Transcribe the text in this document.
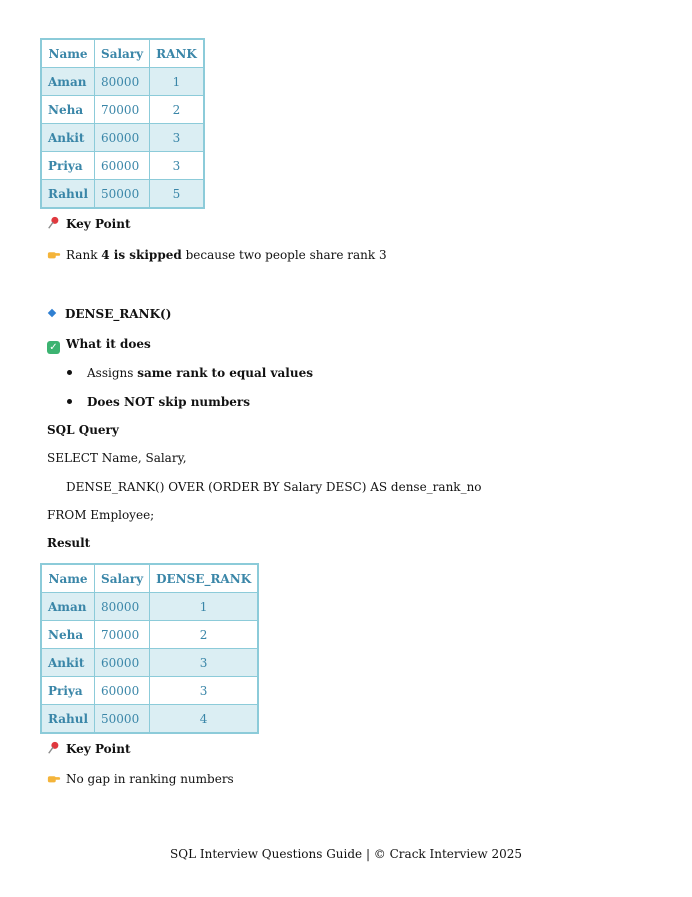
Name	Salary	RANK
Aman	80000	1
Neha	70000	2
Ankit	60000	3
Priya	60000	3
Rahul	50000	5
Key Point
Rank 4 is skipped because two people share rank 3
DENSE_RANK()
✓ What it does
Assigns same rank to equal values
Does NOT skip numbers
SQL Query
SELECT Name, Salary,
DENSE_RANK() OVER (ORDER BY Salary DESC) AS dense_rank_no
FROM Employee;
Result
Name	Salary	DENSE_RANK
Aman	80000	1
Neha	70000	2
Ankit	60000	3
Priya	60000	3
Rahul	50000	4
Key Point
No gap in ranking numbers
SQL Interview Questions Guide | © Crack Interview 2025
